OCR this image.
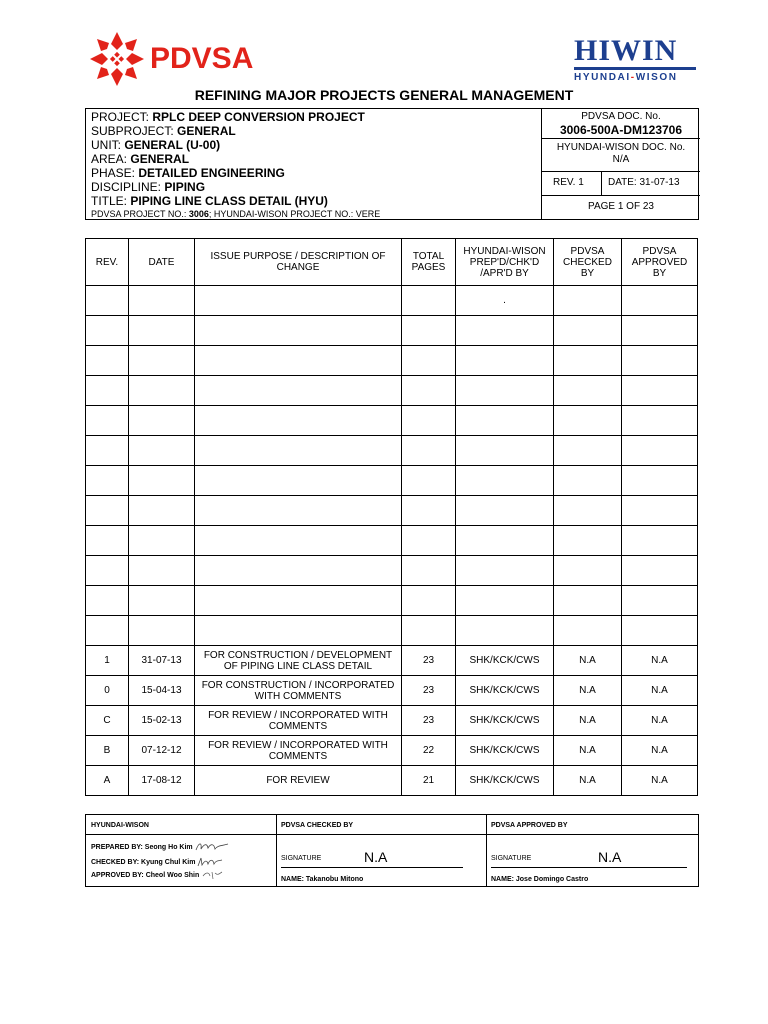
PDVSA	HIWIN
HYUNDAI-WISON
REFINING MAJOR PROJECTS GENERAL MANAGEMENT
PROJECT: RPLC DEEP CONVERSION PROJECT
SUBPROJECT: GENERAL
UNIT: GENERAL (U-00)
AREA: GENERAL
PHASE: DETAILED ENGINEERING
DISCIPLINE: PIPING
TITLE: PIPING LINE CLASS DETAIL (HYU)
PDVSA PROJECT NO.: 3006; HYUNDAI-WISON PROJECT NO.: VERE
PDVSA DOC. No.
3006-500A-DM123706
HYUNDAI-WISON DOC. No.
N/A
REV. 1	DATE: 31-07-13
PAGE 1 OF 23
REV.	DATE	ISSUE PURPOSE / DESCRIPTION OF CHANGE	TOTAL PAGES	HYUNDAI-WISON PREP'D/CHK'D /APR'D BY	PDVSA CHECKED BY	PDVSA APPROVED BY
				.		

1	31-07-13	FOR CONSTRUCTION / DEVELOPMENT OF PIPING LINE CLASS DETAIL	23	SHK/KCK/CWS	N.A	N.A
0	15-04-13	FOR CONSTRUCTION / INCORPORATED WITH COMMENTS	23	SHK/KCK/CWS	N.A	N.A
C	15-02-13	FOR REVIEW / INCORPORATED WITH COMMENTS	23	SHK/KCK/CWS	N.A	N.A
B	07-12-12	FOR REVIEW / INCORPORATED WITH COMMENTS	22	SHK/KCK/CWS	N.A	N.A
A	17-08-12	FOR REVIEW	21	SHK/KCK/CWS	N.A	N.A
HYUNDAI-WISON
PREPARED BY: Seong Ho Kim
CHECKED BY: Kyung Chul Kim
APPROVED BY: Cheol Woo Shin
PDVSA CHECKED BY
SIGNATURE	N.A
NAME: Takanobu Mitono
PDVSA APPROVED BY
SIGNATURE	N.A
NAME: Jose Domingo Castro
